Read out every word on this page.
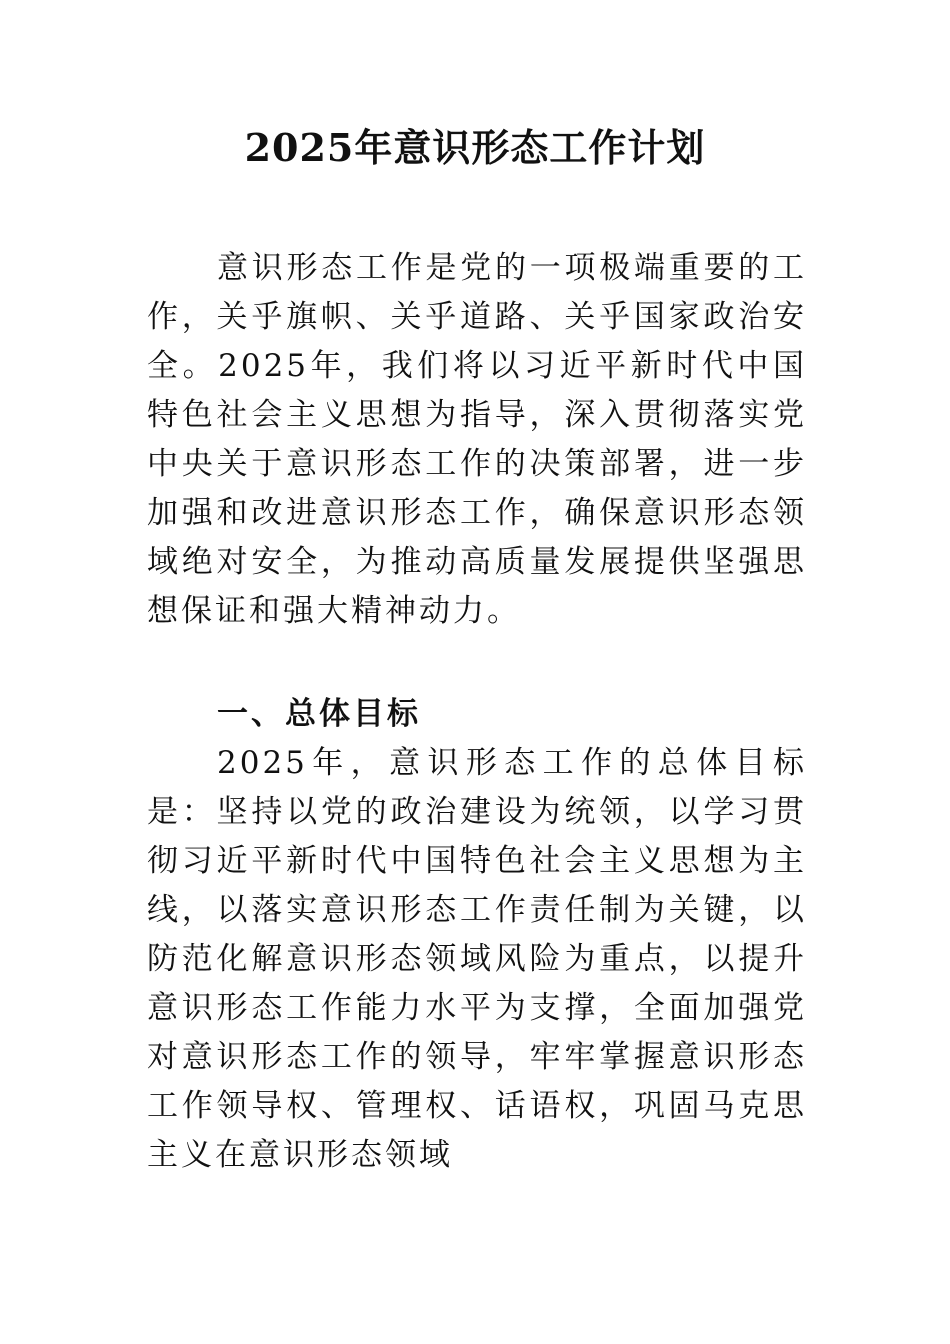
2025年意识形态工作计划

意识形态工作是党的一项极端重要的工作，关乎旗帜、关乎道路、关乎国家政治安全。2025年，我们将以习近平新时代中国特色社会主义思想为指导，深入贯彻落实党中央关于意识形态工作的决策部署，进一步加强和改进意识形态工作，确保意识形态领域绝对安全，为推动高质量发展提供坚强思想保证和强大精神动力。

一、总体目标

2025年，意识形态工作的总体目标是：坚持以党的政治建设为统领，以学习贯彻习近平新时代中国特色社会主义思想为主线，以落实意识形态工作责任制为关键，以防范化解意识形态领域风险为重点，以提升意识形态工作能力水平为支撑，全面加强党对意识形态工作的领导，牢牢掌握意识形态工作领导权、管理权、话语权，巩固马克思主义在意识形态领域
